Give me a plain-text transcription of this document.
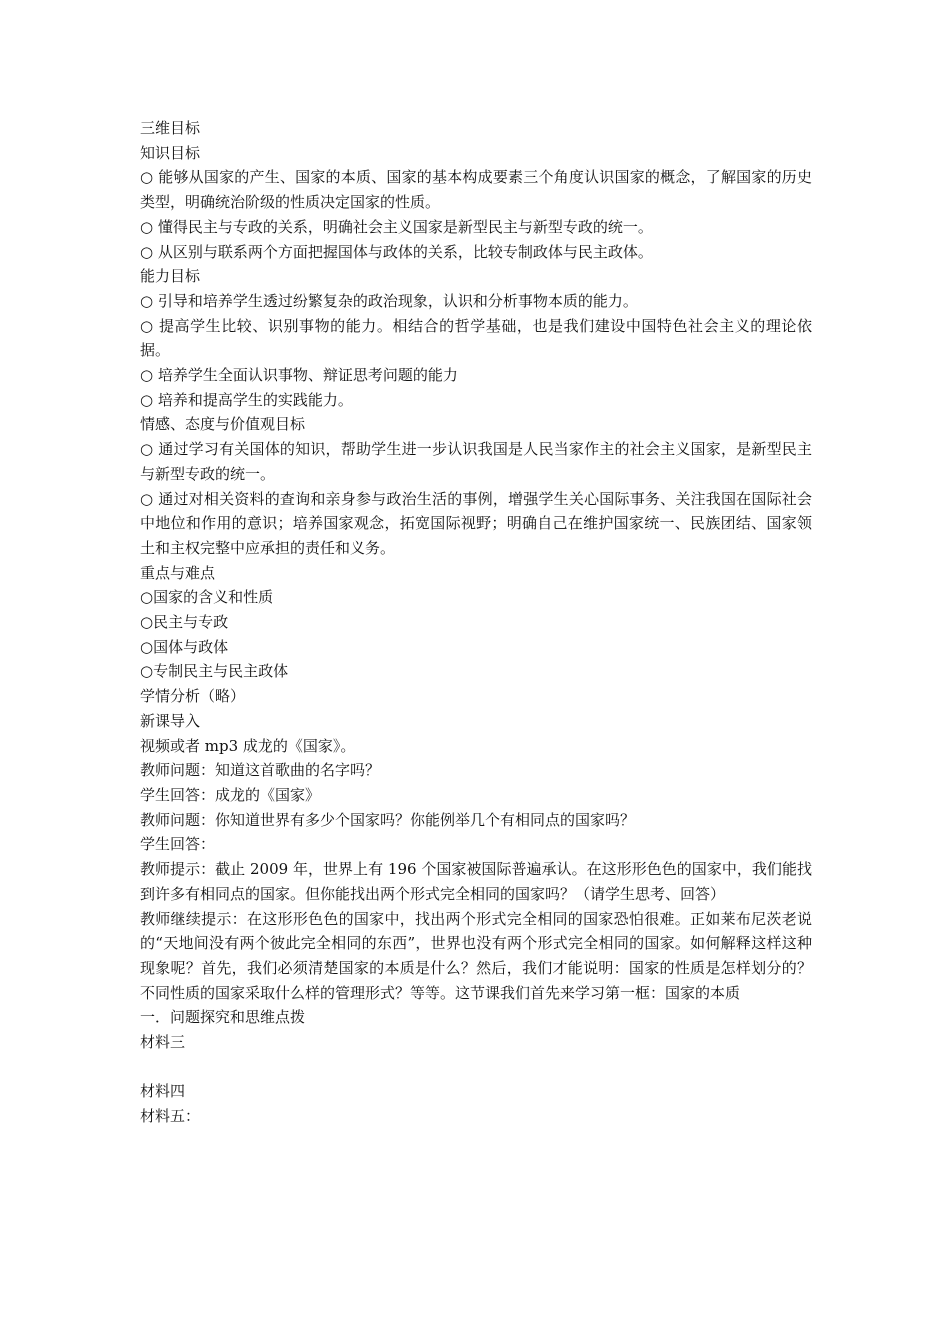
三维目标

知识目标

○ 能够从国家的产生、国家的本质、国家的基本构成要素三个角度认识国家的概念，了解国家的历史类型，明确统治阶级的性质决定国家的性质。

○ 懂得民主与专政的关系，明确社会主义国家是新型民主与新型专政的统一。

○ 从区别与联系两个方面把握国体与政体的关系，比较专制政体与民主政体。

能力目标

○ 引导和培养学生透过纷繁复杂的政治现象，认识和分析事物本质的能力。

○ 提高学生比较、识别事物的能力。相结合的哲学基础，也是我们建设中国特色社会主义的理论依据。

○ 培养学生全面认识事物、辩证思考问题的能力

○ 培养和提高学生的实践能力。

情感、态度与价值观目标

○ 通过学习有关国体的知识，帮助学生进一步认识我国是人民当家作主的社会主义国家，是新型民主与新型专政的统一。

○ 通过对相关资料的查询和亲身参与政治生活的事例，增强学生关心国际事务、关注我国在国际社会中地位和作用的意识；培养国家观念，拓宽国际视野；明确自己在维护国家统一、民族团结、国家领土和主权完整中应承担的责任和义务。

重点与难点

○国家的含义和性质

○民主与专政

○国体与政体

○专制民主与民主政体

学情分析（略）

新课导入

视频或者 mp3 成龙的《国家》。

教师问题：知道这首歌曲的名字吗？

学生回答：成龙的《国家》

教师问题：你知道世界有多少个国家吗？你能例举几个有相同点的国家吗？

学生回答：

教师提示：截止 2009 年，世界上有 196 个国家被国际普遍承认。在这形形色色的国家中，我们能找到许多有相同点的国家。但你能找出两个形式完全相同的国家吗？（请学生思考、回答）

教师继续提示：在这形形色色的国家中，找出两个形式完全相同的国家恐怕很难。正如莱布尼茨老说的“天地间没有两个彼此完全相同的东西”，世界也没有两个形式完全相同的国家。如何解释这样这种现象呢？首先，我们必须清楚国家的本质是什么？然后，我们才能说明：国家的性质是怎样划分的？不同性质的国家采取什么样的管理形式？等等。这节课我们首先来学习第一框：国家的本质

一．问题探究和思维点拨

材料三

材料四

材料五：
